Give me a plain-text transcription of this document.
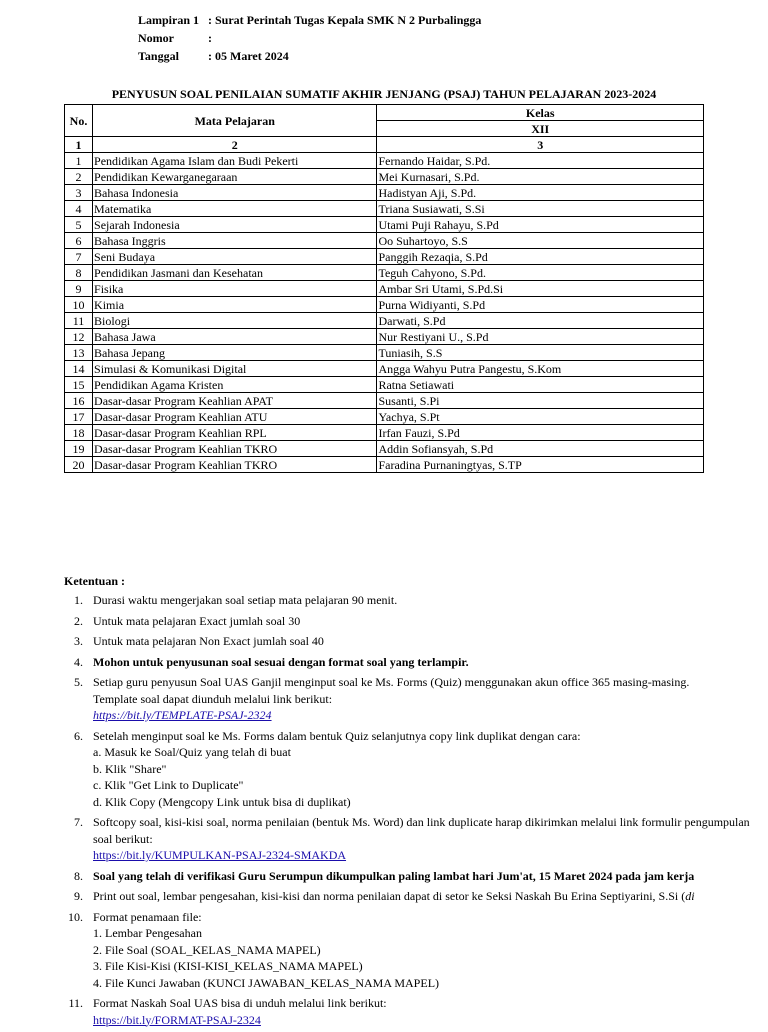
Lampiran 1 : Surat Perintah Tugas Kepala SMK N 2 Purbalingga
Nomor	:
Tanggal	: 05 Maret 2024
PENYUSUN SOAL PENILAIAN SUMATIF AKHIR JENJANG (PSAJ) TAHUN PELAJARAN 2023-2024
No.	Mata Pelajaran	Kelas
		XII
1	2	3
1	Pendidikan Agama Islam dan Budi Pekerti	Fernando Haidar, S.Pd.
2	Pendidikan Kewarganegaraan	Mei Kurnasari, S.Pd.
3	Bahasa Indonesia	Hadistyan Aji, S.Pd.
4	Matematika	Triana Susiawati, S.Si
5	Sejarah Indonesia	Utami Puji Rahayu, S.Pd
6	Bahasa Inggris	Oo Suhartoyo, S.S
7	Seni Budaya	Panggih Rezaqia, S.Pd
8	Pendidikan Jasmani dan Kesehatan	Teguh Cahyono, S.Pd.
9	Fisika	Ambar Sri Utami, S.Pd.Si
10	Kimia	Purna Widiyanti, S.Pd
11	Biologi	Darwati, S.Pd
12	Bahasa Jawa	Nur Restiyani U., S.Pd
13	Bahasa Jepang	Tuniasih, S.S
14	Simulasi & Komunikasi Digital	Angga Wahyu Putra Pangestu, S.Kom
15	Pendidikan Agama Kristen	Ratna Setiawati
16	Dasar-dasar Program Keahlian APAT	Susanti, S.Pi
17	Dasar-dasar Program Keahlian ATU	Yachya, S.Pt
18	Dasar-dasar Program Keahlian RPL	Irfan Fauzi, S.Pd
19	Dasar-dasar Program Keahlian TKRO	Addin Sofiansyah, S.Pd
20	Dasar-dasar Program Keahlian TKRO	Faradina Purnaningtyas, S.TP
Ketentuan :
1. Durasi waktu mengerjakan soal setiap mata pelajaran 90 menit.
2. Untuk mata pelajaran Exact jumlah soal 30
3. Untuk mata pelajaran Non Exact jumlah soal 40
4. Mohon untuk penyusunan soal sesuai dengan format soal yang terlampir.
5. Setiap guru penyusun Soal UAS Ganjil menginput soal ke Ms. Forms (Quiz) menggunakan akun office 365 masing-masing.
Template soal dapat diunduh melalui link berikut:
https://bit.ly/TEMPLATE-PSAJ-2324
6. Setelah menginput soal ke Ms. Forms dalam bentuk Quiz selanjutnya copy link duplikat dengan cara:
a. Masuk ke Soal/Quiz yang telah di buat
b. Klik "Share"
c. Klik "Get Link to Duplicate"
d. Klik Copy (Mengcopy Link untuk bisa di duplikat)
7. Softcopy soal, kisi-kisi soal, norma penilaian (bentuk Ms. Word) dan link duplicate harap dikirimkan melalui link formulir pengumpulan soal berikut:
https://bit.ly/KUMPULKAN-PSAJ-2324-SMAKDA
8. Soal yang telah di verifikasi Guru Serumpun dikumpulkan paling lambat hari Jum'at, 15 Maret 2024 pada jam kerja
9. Print out soal, lembar pengesahan, kisi-kisi dan norma penilaian dapat di setor ke Seksi Naskah Bu Erina Septiyarini, S.Si (di
10. Format penamaan file:
1. Lembar Pengesahan
2. File Soal (SOAL_KELAS_NAMA MAPEL)
3. File Kisi-Kisi (KISI-KISI_KELAS_NAMA MAPEL)
4. File Kunci Jawaban (KUNCI JAWABAN_KELAS_NAMA MAPEL)
11. Format Naskah Soal UAS bisa di unduh melalui link berikut:
https://bit.ly/FORMAT-PSAJ-2324
